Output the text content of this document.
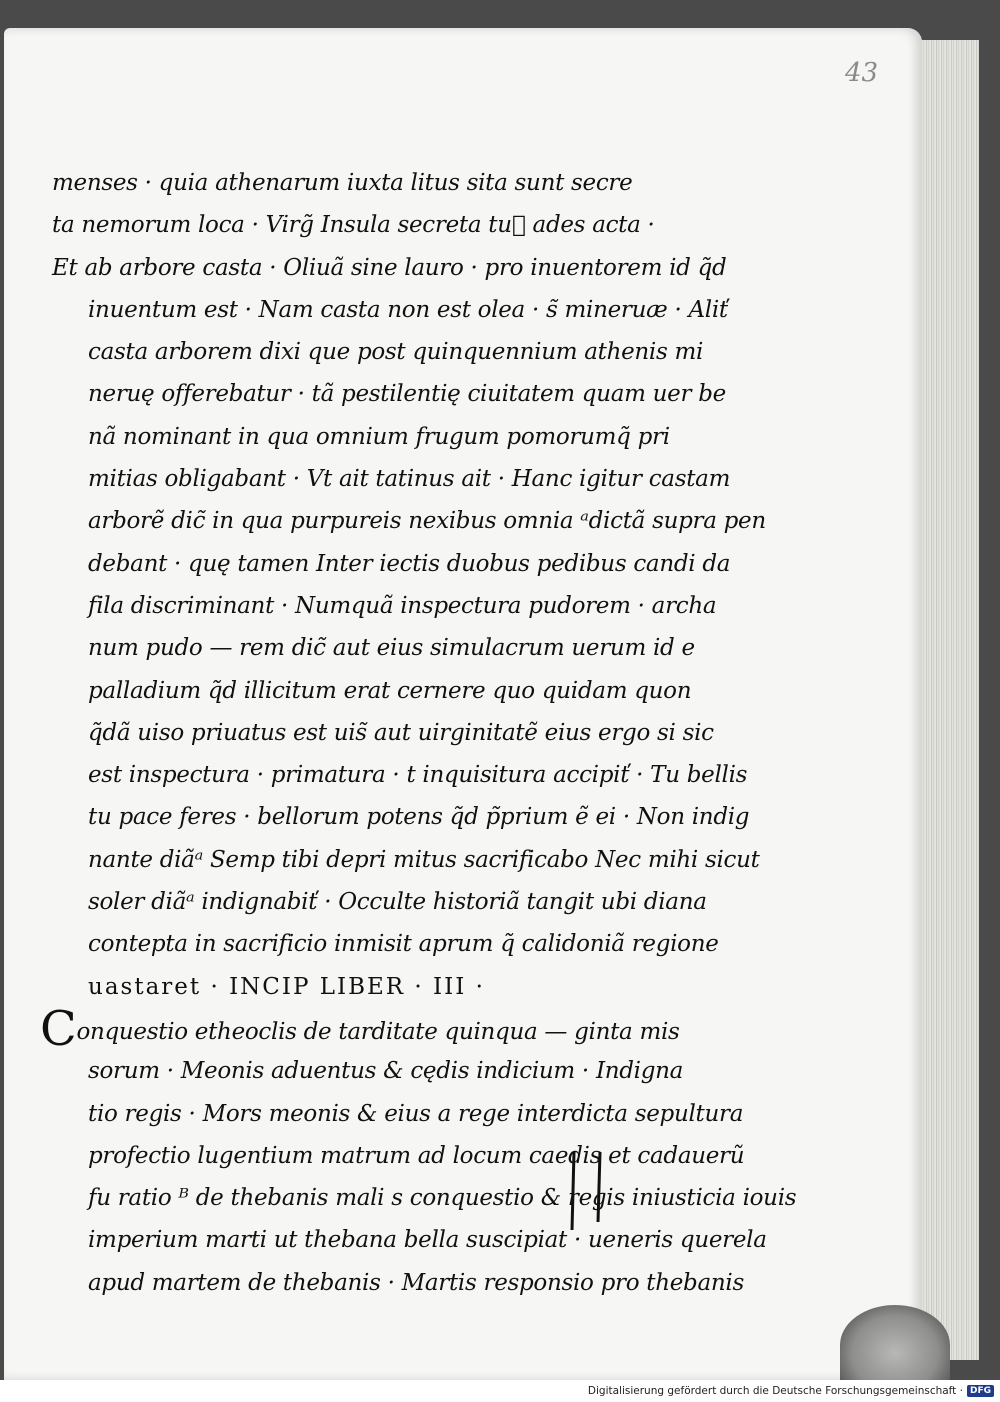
43
menses · quia athenarum iuxta litus sita sunt secre
ta nemorum loca · Virg̃ Insula secreta tuᷓ ades acta ·
Et ab arbore casta · Oliuã sine lauro · pro inuentorem id q̃d
inuentum est · Nam casta non est olea · s̃ mineruæ · Aliť
casta arborem dixi que post quinquennium athenis mi
neruę offerebatur · tã pestilentię ciuitatem quam uer be
nã nominant in qua omnium frugum pomorumq̃ pri
mitias obligabant · Vt ait tatinus ait · Hanc igitur castam
arborẽ dic̃ in qua purpureis nexibus omnia ᵃdictã supra pen
debant · quę tamen Inter iectis duobus pedibus candi da
fila discriminant · Numquã inspectura pudorem · archa
num pudo — rem dic̃ aut eius simulacrum uerum id e
palladium q̃d illicitum erat cernere quo quidam quon
q̃dã uiso priuatus est uis̃ aut uirginitatẽ eius ergo si sic
est inspectura · primatura · t inquisitura accipiť · Tu bellis
tu pace feres · bellorum potens q̃d p̃prium ẽ ei · Non indig
nante diãᵃ Semp tibi depri mitus sacrificabo Nec mihi sicut
soler diãᵃ indignabiť · Occulte historiã tangit ubi diana
contepta in sacrificio inmisit aprum q̃ calidoniã regione
uastaret · INCIP LIBER · III ·
Conquestio etheoclis de tarditate quinqua — ginta mis
sorum · Meonis aduentus & cędis indicium · Indigna
tio regis · Mors meonis & eius a rege interdicta sepultura
profectio lugentium matrum ad locum caedis et cadauerũ
fu ratio ᴮ de thebanis mali s conquestio & regis iniusticia iouis
imperium marti ut thebana bella suscipiat · ueneris querela
apud martem de thebanis · Martis responsio pro thebanis
Digitalisierung gefördert durch die Deutsche Forschungsgemeinschaft · DFG
